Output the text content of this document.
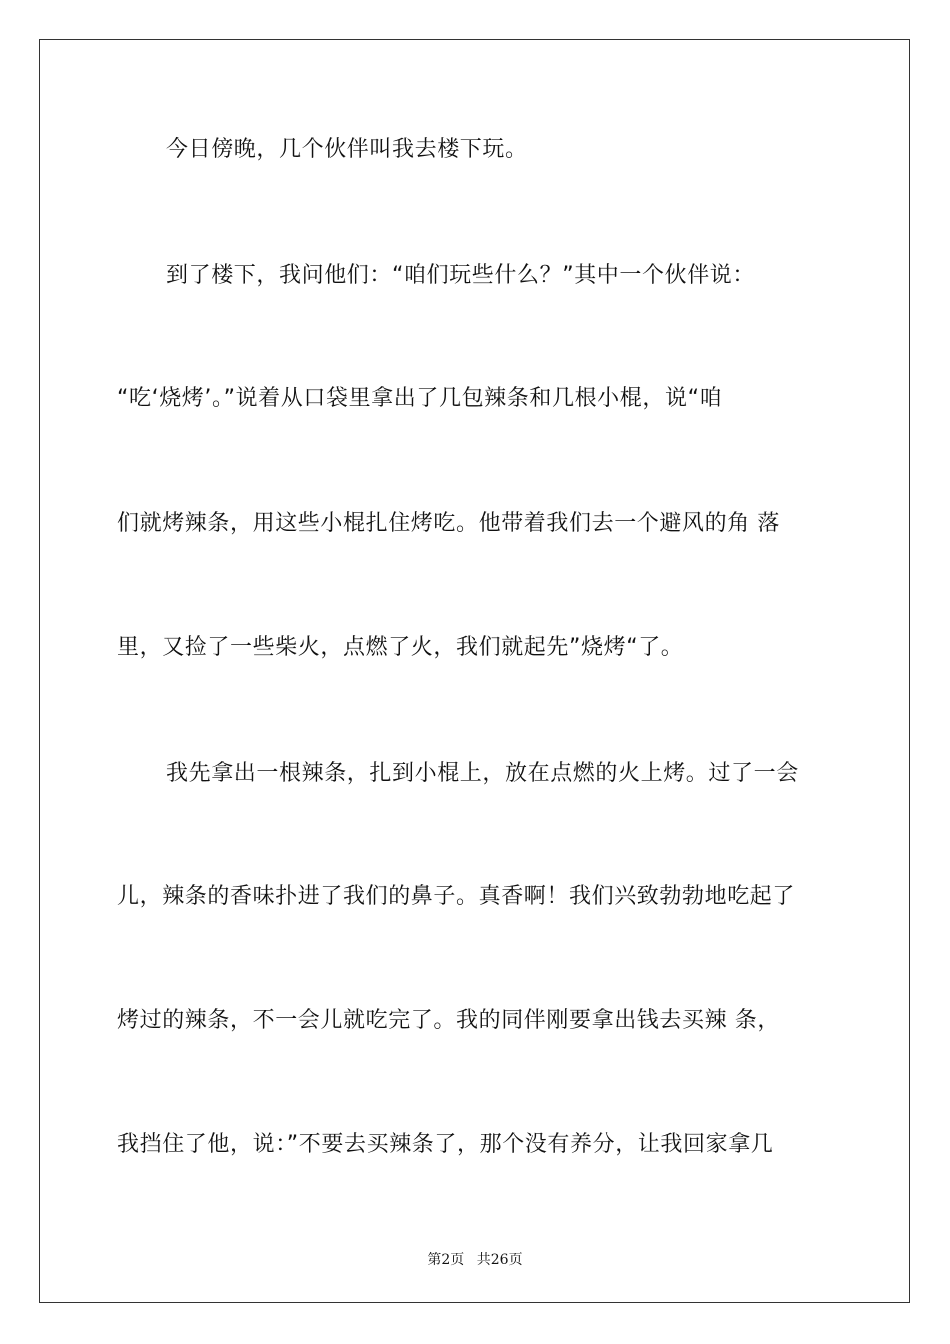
今日傍晚，几个伙伴叫我去楼下玩。
到了楼下，我问他们：“咱们玩些什么？”其中一个伙伴说：
“吃‘烧烤’。”说着从口袋里拿出了几包辣条和几根小棍，说“咱
们就烤辣条，用这些小棍扎住烤吃。他带着我们去一个避风的角 落
里，又捡了一些柴火，点燃了火，我们就起先”烧烤“了。
我先拿出一根辣条，扎到小棍上，放在点燃的火上烤。过了一会
儿，辣条的香味扑进了我们的鼻子。真香啊！我们兴致勃勃地吃起了
烤过的辣条，不一会儿就吃完了。我的同伴刚要拿出钱去买辣 条，
我挡住了他，说：”不要去买辣条了，那个没有养分，让我回家拿几
第2页 共26页
